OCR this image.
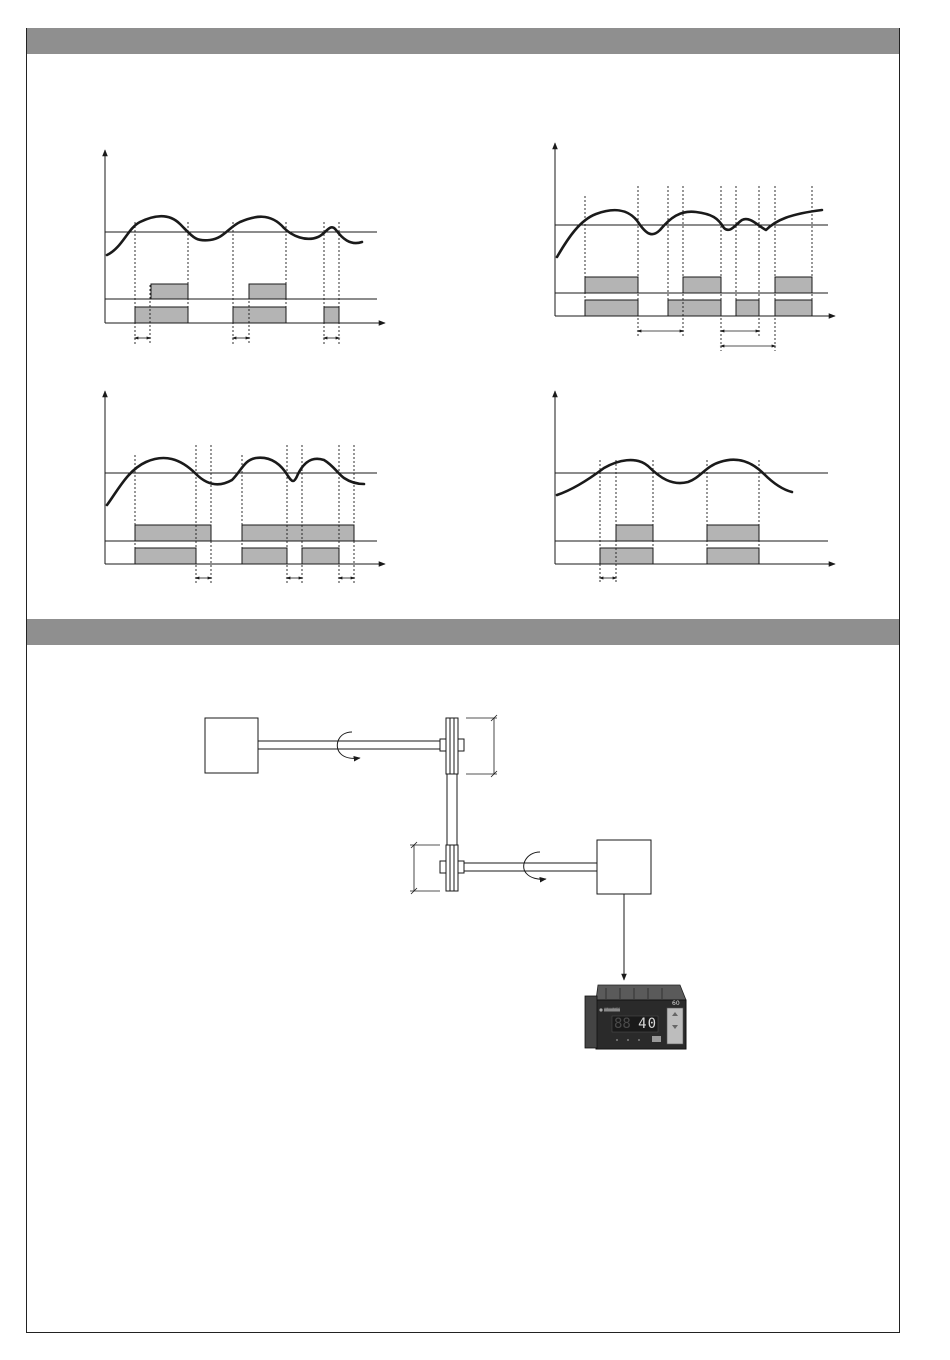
40
88
60
CARLO GAVAZZI
